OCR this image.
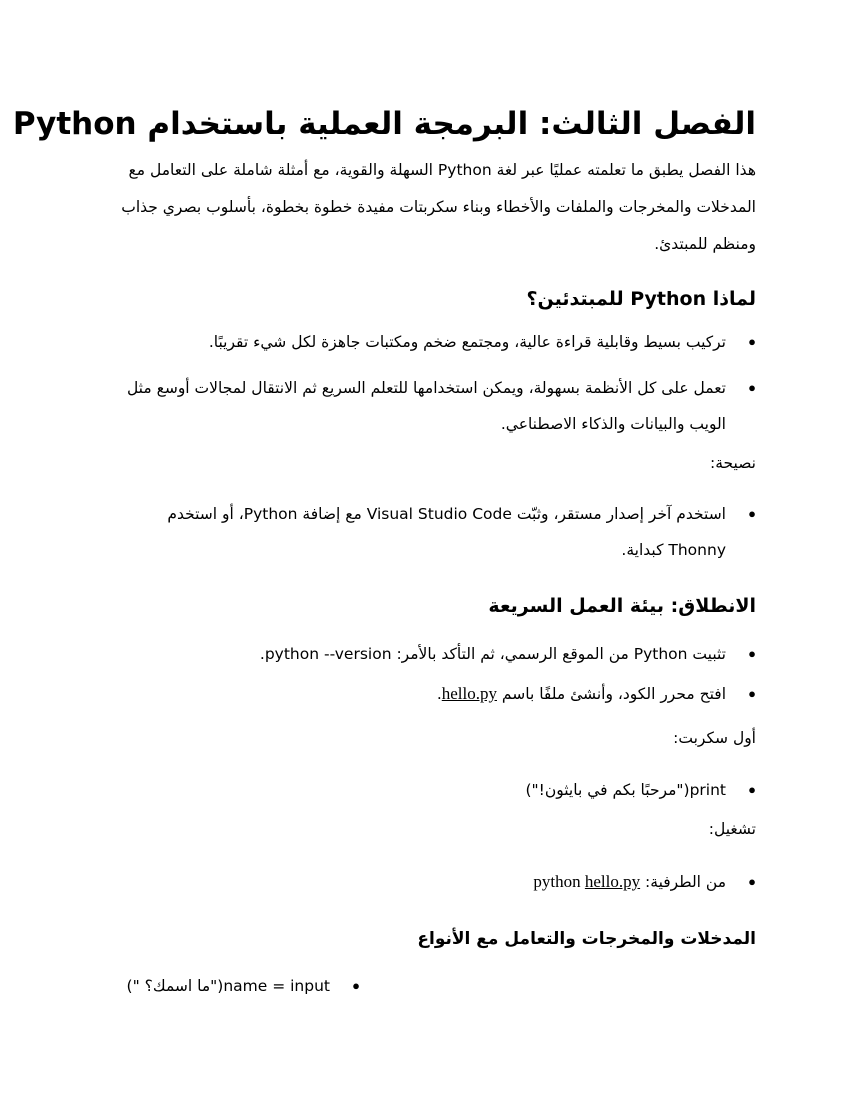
الفصل الثالث: البرمجة العملية باستخدام Python

هذا الفصل يطبق ما تعلمته عمليًا عبر لغة Python السهلة والقوية، مع أمثلة شاملة على التعامل مع المدخلات والمخرجات والملفات والأخطاء وبناء سكربتات مفيدة خطوة بخطوة، بأسلوب بصري جذاب ومنظم للمبتدئ.

لماذا Python للمبتدئين؟
●
تركيب بسيط وقابلية قراءة عالية، ومجتمع ضخم ومكتبات جاهزة لكل شيء تقريبًا.
●
تعمل على كل الأنظمة بسهولة، ويمكن استخدامها للتعلم السريع ثم الانتقال لمجالات أوسع مثل الويب والبيانات والذكاء الاصطناعي.

نصيحة:

●
استخدم آخر إصدار مستقر، وثبّت Visual Studio Code مع إضافة Python، أو استخدم Thonny كبداية.
الانطلاق: بيئة العمل السريعة
●
تثبيت Python من الموقع الرسمي، ثم التأكد بالأمر: python --version.
●
افتح محرر الكود، وأنشئ ملفًا باسم hello.py.

أول سكربت:

●
print("مرحبًا بكم في بايثون!")

تشغيل:

●
من الطرفية: python hello.py
المدخلات والمخرجات والتعامل مع الأنواع
●
name = input("ما اسمك؟ ")
